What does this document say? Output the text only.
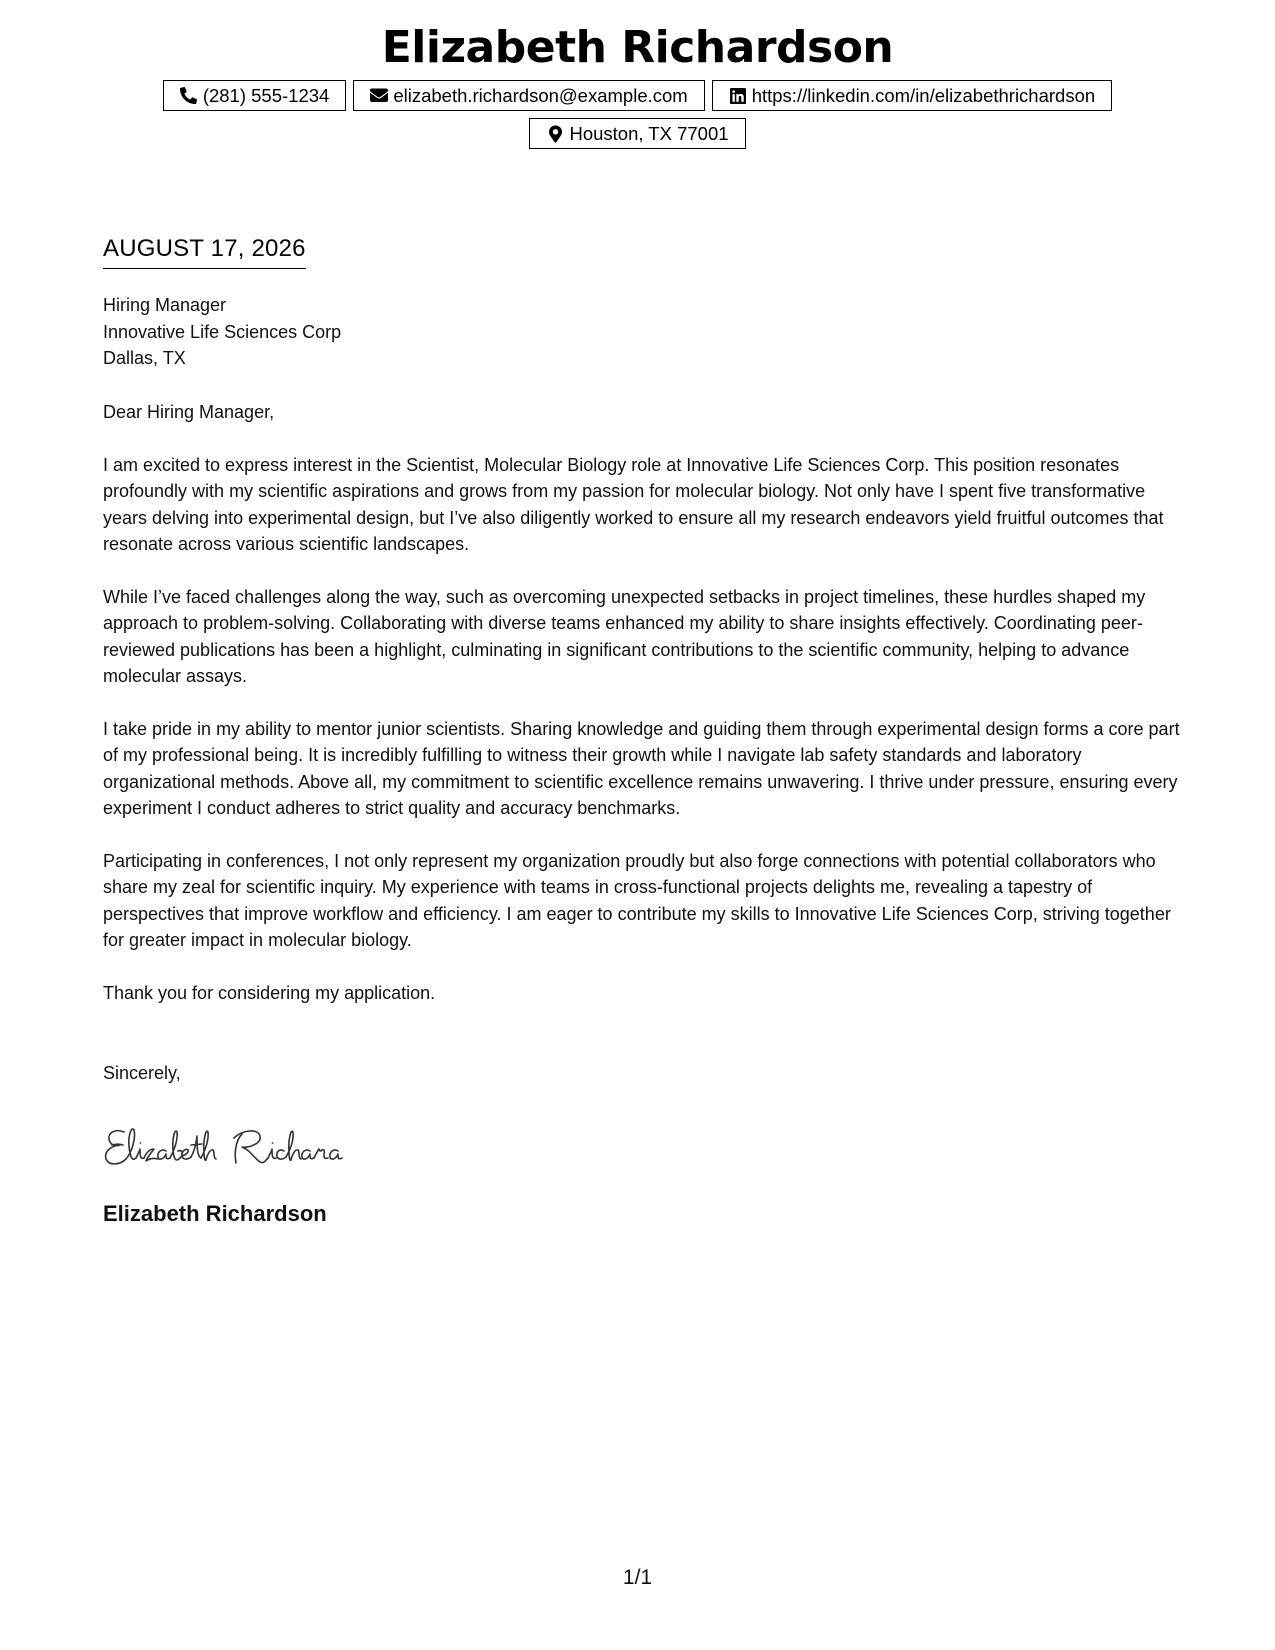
Elizabeth Richardson
(281) 555-1234	elizabeth.richardson@example.com	https://linkedin.com/in/elizabethrichardson
Houston, TX 77001
AUGUST 17, 2026
Hiring Manager
Innovative Life Sciences Corp
Dallas, TX

Dear Hiring Manager,

I am excited to express interest in the Scientist, Molecular Biology role at Innovative Life Sciences Corp. This position resonates profoundly with my scientific aspirations and grows from my passion for molecular biology. Not only have I spent five transformative years delving into experimental design, but I’ve also diligently worked to ensure all my research endeavors yield fruitful outcomes that resonate across various scientific landscapes.

While I’ve faced challenges along the way, such as overcoming unexpected setbacks in project timelines, these hurdles shaped my approach to problem-solving. Collaborating with diverse teams enhanced my ability to share insights effectively. Coordinating peer-reviewed publications has been a highlight, culminating in significant contributions to the scientific community, helping to advance molecular assays.

I take pride in my ability to mentor junior scientists. Sharing knowledge and guiding them through experimental design forms a core part of my professional being. It is incredibly fulfilling to witness their growth while I navigate lab safety standards and laboratory organizational methods. Above all, my commitment to scientific excellence remains unwavering. I thrive under pressure, ensuring every experiment I conduct adheres to strict quality and accuracy benchmarks.

Participating in conferences, I not only represent my organization proudly but also forge connections with potential collaborators who share my zeal for scientific inquiry. My experience with teams in cross-functional projects delights me, revealing a tapestry of perspectives that improve workflow and efficiency. I am eager to contribute my skills to Innovative Life Sciences Corp, striving together for greater impact in molecular biology.

Thank you for considering my application.

Sincerely,
Elizabeth Richardson
1/1
